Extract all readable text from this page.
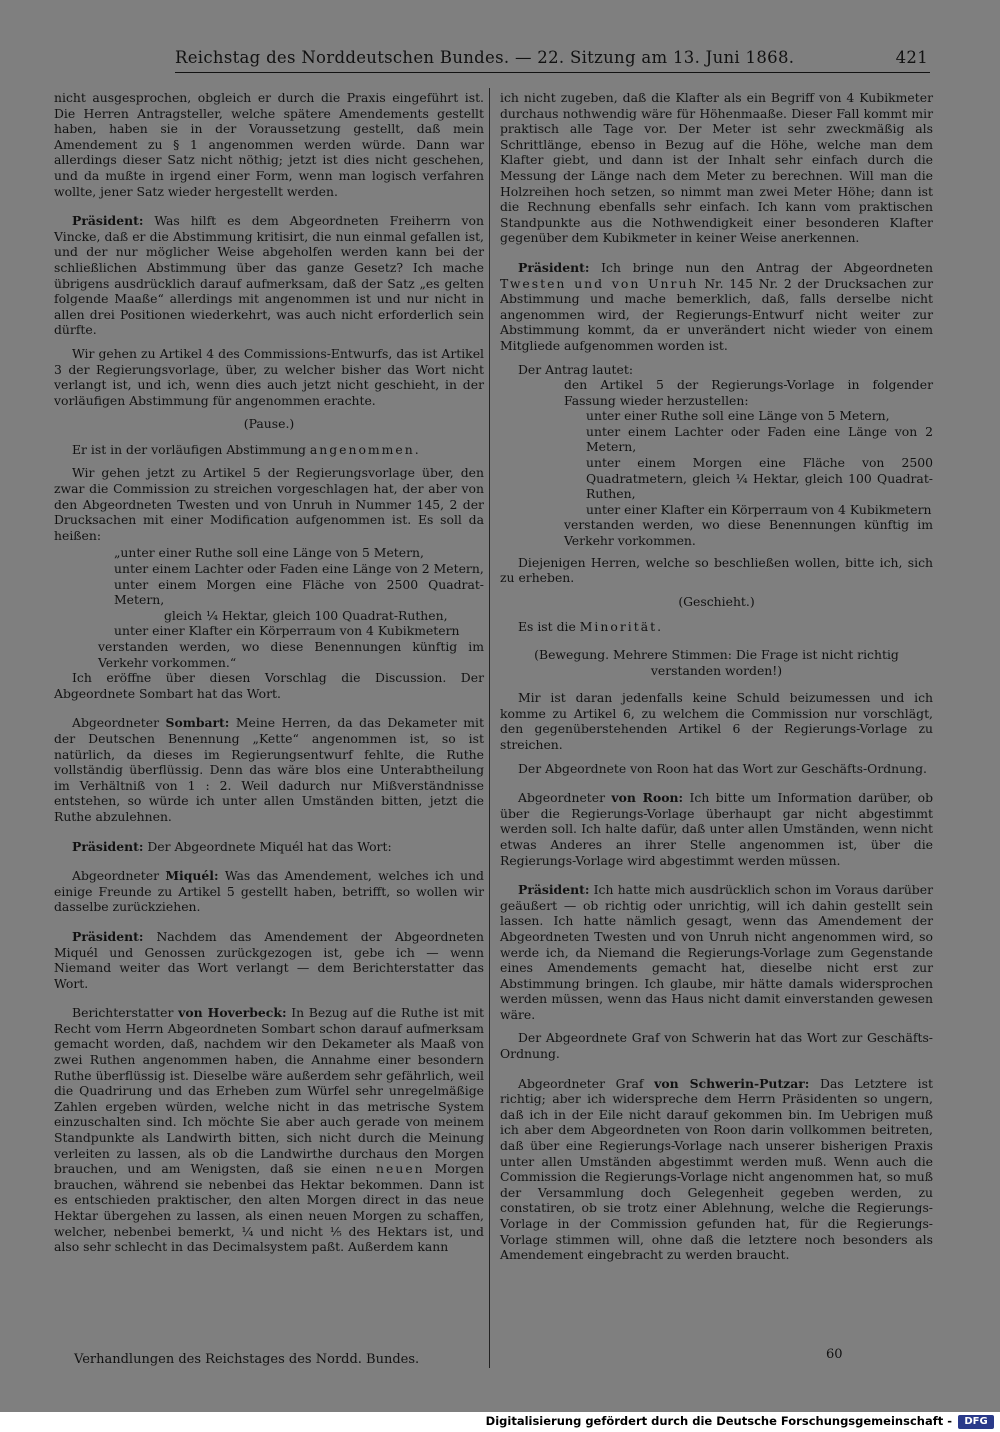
Reichstag des Norddeutschen Bundes. — 22. Sitzung am 13. Juni 1868.	421

nicht ausgesprochen, obgleich er durch die Praxis eingeführt ist. Die Herren Antragsteller, welche spätere Amendements gestellt haben, haben sie in der Voraussetzung gestellt, daß mein Amendement zu § 1 angenommen werden würde. Dann war allerdings dieser Satz nicht nöthig; jetzt ist dies nicht geschehen, und da mußte in irgend einer Form, wenn man logisch verfahren wollte, jener Satz wieder hergestellt werden.

Präsident: Was hilft es dem Abgeordneten Freiherrn von Vincke, daß er die Abstimmung kritisirt, die nun einmal gefallen ist, und der nur möglicher Weise abgeholfen werden kann bei der schließlichen Abstimmung über das ganze Gesetz? Ich mache übrigens ausdrücklich darauf aufmerksam, daß der Satz „es gelten folgende Maaße“ allerdings mit angenommen ist und nur nicht in allen drei Positionen wiederkehrt, was auch nicht erforderlich sein dürfte.

Wir gehen zu Artikel 4 des Commissions-Entwurfs, das ist Artikel 3 der Regierungsvorlage, über, zu welcher bisher das Wort nicht verlangt ist, und ich, wenn dies auch jetzt nicht geschieht, in der vorläufigen Abstimmung für angenommen erachte.

(Pause.)

Er ist in der vorläufigen Abstimmung angenommen.

Wir gehen jetzt zu Artikel 5 der Regierungsvorlage über, den zwar die Commission zu streichen vorgeschlagen hat, der aber von den Abgeordneten Twesten und von Unruh in Nummer 145, 2 der Drucksachen mit einer Modification aufgenommen ist. Es soll da heißen:

„unter einer Ruthe soll eine Länge von 5 Metern,

unter einem Lachter oder Faden eine Länge von 2 Metern,

unter einem Morgen eine Fläche von 2500 Quadrat-Metern,

gleich ¼ Hektar, gleich 100 Quadrat-Ruthen,

unter einer Klafter ein Körperraum von 4 Kubikmetern

verstanden werden, wo diese Benennungen künftig im Verkehr vorkommen.“

Ich eröffne über diesen Vorschlag die Discussion. Der Abgeordnete Sombart hat das Wort.

Abgeordneter Sombart: Meine Herren, da das Dekameter mit der Deutschen Benennung „Kette“ angenommen ist, so ist natürlich, da dieses im Regierungsentwurf fehlte, die Ruthe vollständig überflüssig. Denn das wäre blos eine Unterabtheilung im Verhältniß von 1 : 2. Weil dadurch nur Mißverständnisse entstehen, so würde ich unter allen Umständen bitten, jetzt die Ruthe abzulehnen.

Präsident: Der Abgeordnete Miquél hat das Wort:

Abgeordneter Miquél: Was das Amendement, welches ich und einige Freunde zu Artikel 5 gestellt haben, betrifft, so wollen wir dasselbe zurückziehen.

Präsident: Nachdem das Amendement der Abgeordneten Miquél und Genossen zurückgezogen ist, gebe ich — wenn Niemand weiter das Wort verlangt — dem Berichterstatter das Wort.

Berichterstatter von Hoverbeck: In Bezug auf die Ruthe ist mit Recht vom Herrn Abgeordneten Sombart schon darauf aufmerksam gemacht worden, daß, nachdem wir den Dekameter als Maaß von zwei Ruthen angenommen haben, die Annahme einer besondern Ruthe überflüssig ist. Dieselbe wäre außerdem sehr gefährlich, weil die Quadrirung und das Erheben zum Würfel sehr unregelmäßige Zahlen ergeben würden, welche nicht in das metrische System einzuschalten sind. Ich möchte Sie aber auch gerade von meinem Standpunkte als Landwirth bitten, sich nicht durch die Meinung verleiten zu lassen, als ob die Landwirthe durchaus den Morgen brauchen, und am Wenigsten, daß sie einen neuen Morgen brauchen, während sie nebenbei das Hektar bekommen. Dann ist es entschieden praktischer, den alten Morgen direct in das neue Hektar übergehen zu lassen, als einen neuen Morgen zu schaffen, welcher, nebenbei bemerkt, ¼ und nicht ⅕ des Hektars ist, und also sehr schlecht in das Decimalsystem paßt. Außerdem kann

ich nicht zugeben, daß die Klafter als ein Begriff von 4 Kubikmeter durchaus nothwendig wäre für Höhenmaaße. Dieser Fall kommt mir praktisch alle Tage vor. Der Meter ist sehr zweckmäßig als Schrittlänge, ebenso in Bezug auf die Höhe, welche man dem Klafter giebt, und dann ist der Inhalt sehr einfach durch die Messung der Länge nach dem Meter zu berechnen. Will man die Holzreihen hoch setzen, so nimmt man zwei Meter Höhe; dann ist die Rechnung ebenfalls sehr einfach. Ich kann vom praktischen Standpunkte aus die Nothwendigkeit einer besonderen Klafter gegenüber dem Kubikmeter in keiner Weise anerkennen.

Präsident: Ich bringe nun den Antrag der Abgeordneten Twesten und von Unruh Nr. 145 Nr. 2 der Drucksachen zur Abstimmung und mache bemerklich, daß, falls derselbe nicht angenommen wird, der Regierungs-Entwurf nicht weiter zur Abstimmung kommt, da er unverändert nicht wieder von einem Mitgliede aufgenommen worden ist.

Der Antrag lautet:

den Artikel 5 der Regierungs-Vorlage in folgender Fassung wieder herzustellen:

unter einer Ruthe soll eine Länge von 5 Metern,

unter einem Lachter oder Faden eine Länge von 2 Metern,

unter einem Morgen eine Fläche von 2500 Quadratmetern, gleich ¼ Hektar, gleich 100 Quadrat-Ruthen,

unter einer Klafter ein Körperraum von 4 Kubikmetern

verstanden werden, wo diese Benennungen künftig im Verkehr vorkommen.

Diejenigen Herren, welche so beschließen wollen, bitte ich, sich zu erheben.

(Geschieht.)

Es ist die Minorität.

(Bewegung. Mehrere Stimmen: Die Frage ist nicht richtig verstanden worden!)

Mir ist daran jedenfalls keine Schuld beizumessen und ich komme zu Artikel 6, zu welchem die Commission nur vorschlägt, den gegenüberstehenden Artikel 6 der Regierungs-Vorlage zu streichen.

Der Abgeordnete von Roon hat das Wort zur Geschäfts-Ordnung.

Abgeordneter von Roon: Ich bitte um Information darüber, ob über die Regierungs-Vorlage überhaupt gar nicht abgestimmt werden soll. Ich halte dafür, daß unter allen Umständen, wenn nicht etwas Anderes an ihrer Stelle angenommen ist, über die Regierungs-Vorlage wird abgestimmt werden müssen.

Präsident: Ich hatte mich ausdrücklich schon im Voraus darüber geäußert — ob richtig oder unrichtig, will ich dahin gestellt sein lassen. Ich hatte nämlich gesagt, wenn das Amendement der Abgeordneten Twesten und von Unruh nicht angenommen wird, so werde ich, da Niemand die Regierungs-Vorlage zum Gegenstande eines Amendements gemacht hat, dieselbe nicht erst zur Abstimmung bringen. Ich glaube, mir hätte damals widersprochen werden müssen, wenn das Haus nicht damit einverstanden gewesen wäre.

Der Abgeordnete Graf von Schwerin hat das Wort zur Geschäfts-Ordnung.

Abgeordneter Graf von Schwerin-Putzar: Das Letztere ist richtig; aber ich widerspreche dem Herrn Präsidenten so ungern, daß ich in der Eile nicht darauf gekommen bin. Im Uebrigen muß ich aber dem Abgeordneten von Roon darin vollkommen beitreten, daß über eine Regierungs-Vorlage nach unserer bisherigen Praxis unter allen Umständen abgestimmt werden muß. Wenn auch die Commission die Regierungs-Vorlage nicht angenommen hat, so muß der Versammlung doch Gelegenheit gegeben werden, zu constatiren, ob sie trotz einer Ablehnung, welche die Regierungs-Vorlage in der Commission gefunden hat, für die Regierungs-Vorlage stimmen will, ohne daß die letztere noch besonders als Amendement eingebracht zu werden braucht.

Verhandlungen des Reichstages des Nordd. Bundes.	60
Digitalisierung gefördert durch die Deutsche Forschungsgemeinschaft -	DFG
